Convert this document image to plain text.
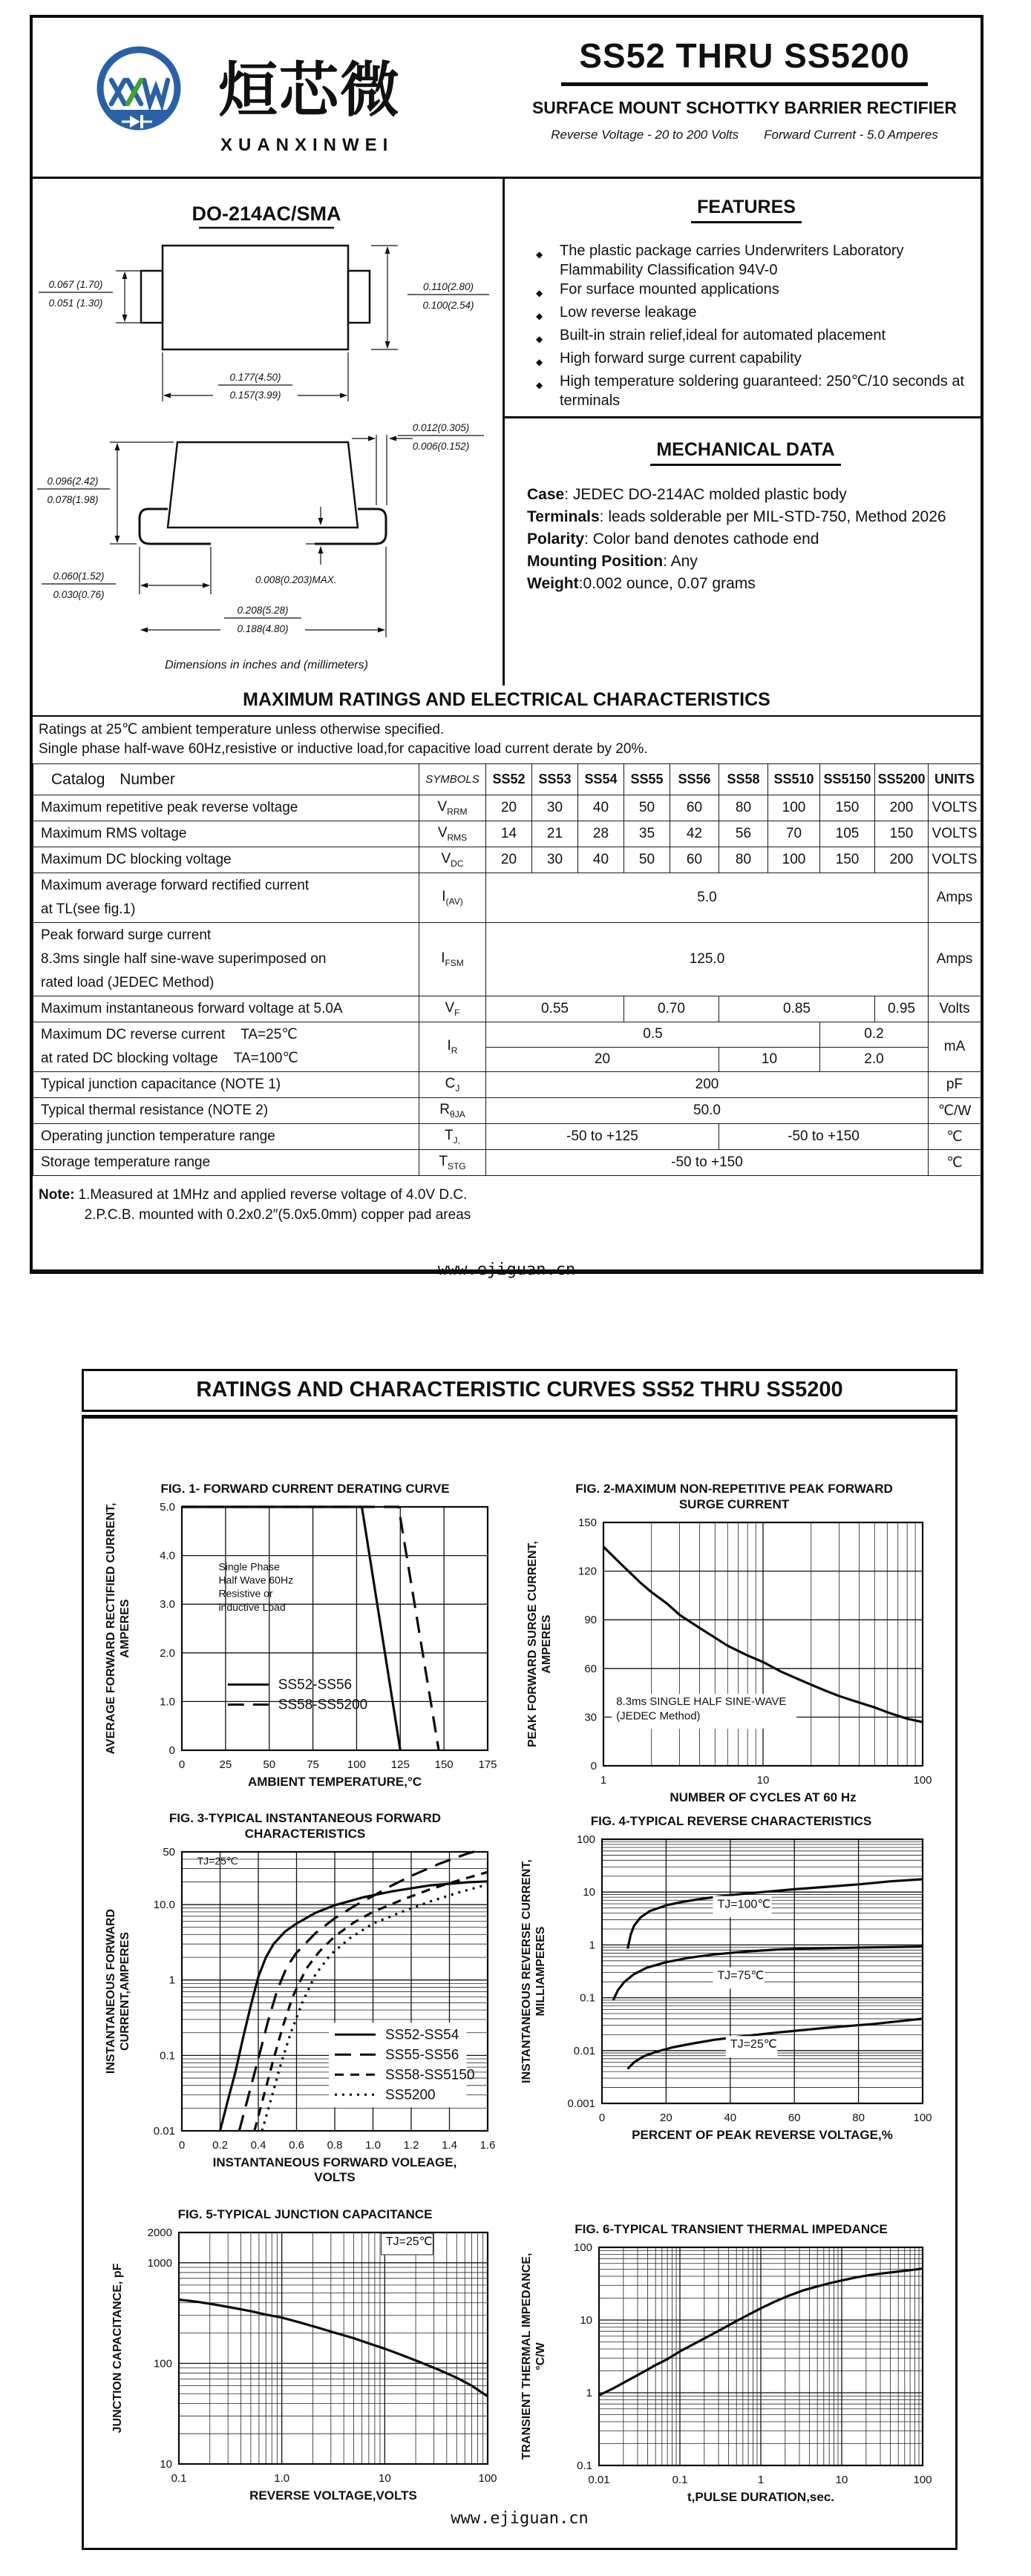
烜芯微
XUANXINWEI
SS52 THRU SS5200
SURFACE MOUNT SCHOTTKY BARRIER RECTIFIER
Reverse Voltage - 20 to 200 Volts Forward Current - 5.0 Amperes
DO-214AC/SMA
0.067 (1.70)
0.051 (1.30)
0.110(2.80)
0.100(2.54)
0.177(4.50)
0.157(3.99)
0.012(0.305)
0.006(0.152)
0.096(2.42)
0.078(1.98)
0.060(1.52)
0.030(0.76)
0.008(0.203)MAX.
0.208(5.28)
0.188(4.80)
Dimensions in inches and (millimeters)
FEATURES
◆	The plastic package carries Underwriters Laboratory Flammability Classification 94V-0
◆	For surface mounted applications
◆	Low reverse leakage
◆	Built-in strain relief,ideal for automated placement
◆	High forward surge current capability
◆	High temperature soldering guaranteed: 250℃/10 seconds at terminals
MECHANICAL DATA
Case: JEDEC DO-214AC molded plastic body
Terminals: leads solderable per MIL-STD-750, Method 2026
Polarity: Color band denotes cathode end
Mounting Position: Any
Weight:0.002 ounce, 0.07 grams
MAXIMUM RATINGS AND ELECTRICAL CHARACTERISTICS
Ratings at 25℃ ambient temperature unless otherwise specified.
Single phase half-wave 60Hz,resistive or inductive load,for capacitive load current derate by 20%.
Catalog Number	SYMBOLS	SS52	SS53	SS54	SS55	SS56	SS58	SS510	SS5150	SS5200	UNITS

Maximum repetitive peak reverse voltage	$V_{RRM}$	20	30	40	50	60	80	100	150	200	VOLTS

Maximum RMS voltage	$V_{RMS}$	14	21	28	35	42	56	70	105	150	VOLTS

Maximum DC blocking voltage	$V_{DC}$	20	30	40	50	60	80	100	150	200	VOLTS

Maximum average forward rectified current
at TL(see fig.1)	$I_{(AV)}$	5.0									Amps

Peak forward surge current
8.3ms single half sine-wave superimposed on
rated load (JEDEC Method)	$I_{FSM}$	125.0									Amps

Maximum instantaneous forward voltage at 5.0A	$V_F$	0.55			0.70		0.85			0.95	Volts

Maximum DC reverse current    TA=25℃
at rated DC blocking voltage    TA=100℃	$I_R$	0.5							0.2		mA
		20					10		2.0		

Typical junction capacitance (NOTE 1)	$C_J$	200									pF

Typical thermal resistance (NOTE 2)	$R_{\theta JA}$	50.0									℃/W

Operating junction temperature range	$T_{J,}$	-50 to +125					-50 to +150				℃

Storage temperature range	$T_{STG}$	-50 to +150									℃
Note: 1.Measured at 1MHz and applied reverse voltage of 4.0V D.C.
2.P.C.B. mounted with 0.2x0.2″(5.0x5.0mm) copper pad areas
www.ejiguan.cn
RATINGS AND CHARACTERISTIC CURVES SS52 THRU SS5200
FIG. 1- FORWARD CURRENT DERATING CURVE
0	25	50	75	100 125 150 175
0
1.0
2.0
3.0
4.0
5.0
AMBIENT TEMPERATURE,°C
AVERAGE FORWARD RECTIFIED CURRENT, AMPERES
Single Phase
Half Wave 60Hz
Resistive or
inductive Load
SS52-SS56
SS58-SS5200
FIG. 2-MAXIMUM NON-REPETITIVE PEAK FORWARD
SURGE CURRENT
1	10	100
0
30
60
90
120
150
NUMBER OF CYCLES AT 60 Hz
PEAK FORWARD SURGE CURRENT, AMPERES
8.3ms SINGLE HALF SINE-WAVE
(JEDEC Method)
FIG. 3-TYPICAL INSTANTANEOUS FORWARD
CHARACTERISTICS
0 0.2 0.4 0.6 0.8 1.0 1.2 1.4 1.6
0.01
0.1
1
10.0
50
INSTANTANEOUS FORWARD VOLEAGE,
VOLTS
INSTANTANEOUS FORWARD CURRENT,AMPERES
TJ=25℃
SS52-SS54
SS55-SS56
SS58-SS5150
SS5200
FIG. 4-TYPICAL REVERSE CHARACTERISTICS
0	20	40	60	80	100
0.001
0.01
0.1
1
10
100
PERCENT OF PEAK REVERSE VOLTAGE,%
INSTANTANEOUS REVERSE CURRENT, MILLIAMPERES
TJ=100℃
TJ=75℃
TJ=25℃
FIG. 5-TYPICAL JUNCTION CAPACITANCE
0.1	1.0	10	100
10
100
1000
2000
REVERSE VOLTAGE,VOLTS
JUNCTION CAPACITANCE, pF
TJ=25℃
FIG. 6-TYPICAL TRANSIENT THERMAL IMPEDANCE
0.01	0.1	1	10	100
0.1
1
10
100
t,PULSE DURATION,sec.
TRANSIENT THERMAL IMPEDANCE, °C/W
www.ejiguan.cn
